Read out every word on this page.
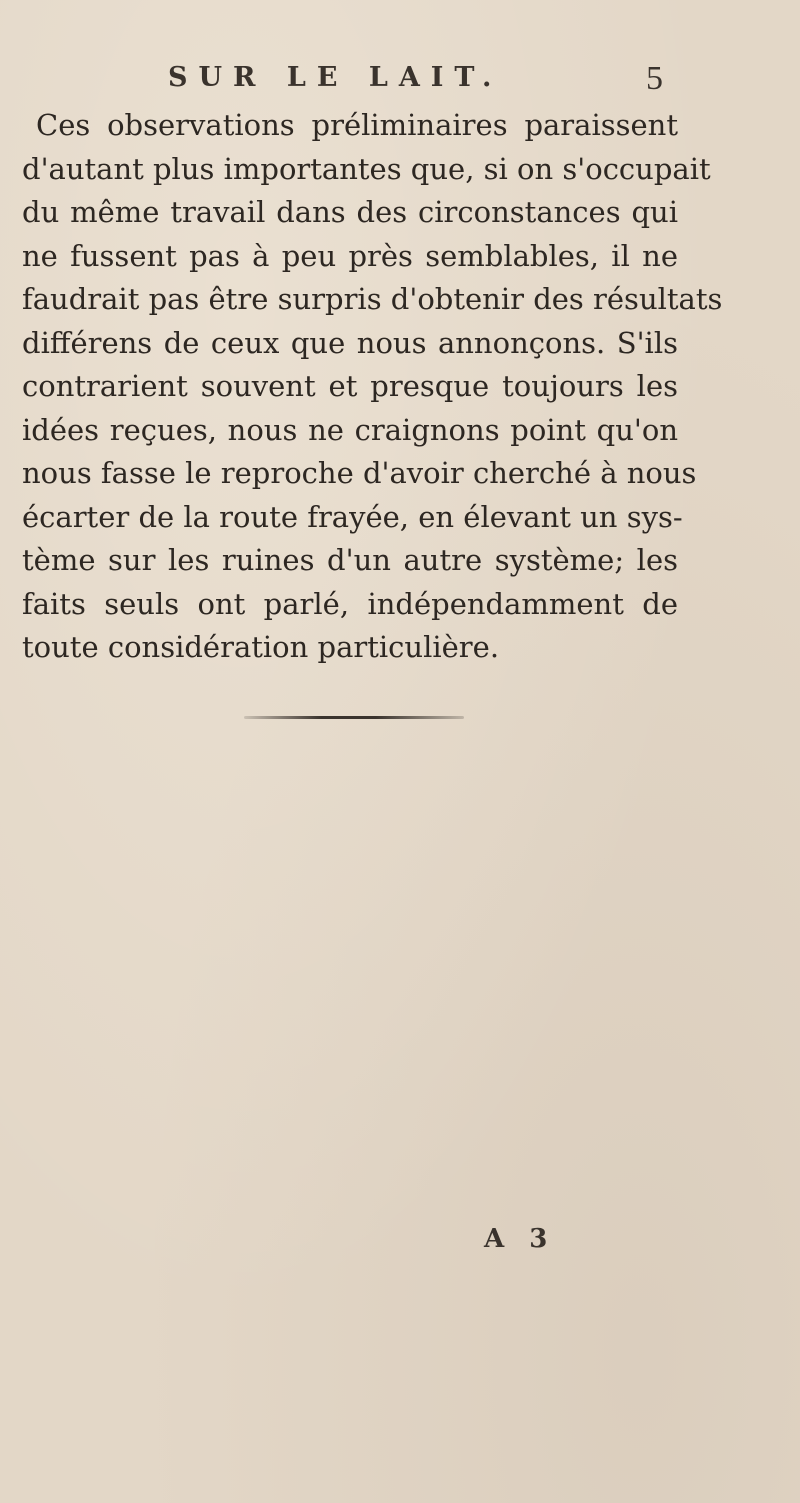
SUR LE LAIT.	5
Ces observations préliminaires paraissent
d'autant plus importantes que, si on s'occupait
du même travail dans des circonstances qui
ne fussent pas à peu près semblables, il ne
faudrait pas être surpris d'obtenir des résultats
différens de ceux que nous annonçons. S'ils
contrarient souvent et presque toujours les
idées reçues, nous ne craignons point qu'on
nous fasse le reproche d'avoir cherché à nous
écarter de la route frayée, en élevant un sys-
tème sur les ruines d'un autre système; les
faits seuls ont parlé, indépendamment de
toute considération particulière.
A 3
